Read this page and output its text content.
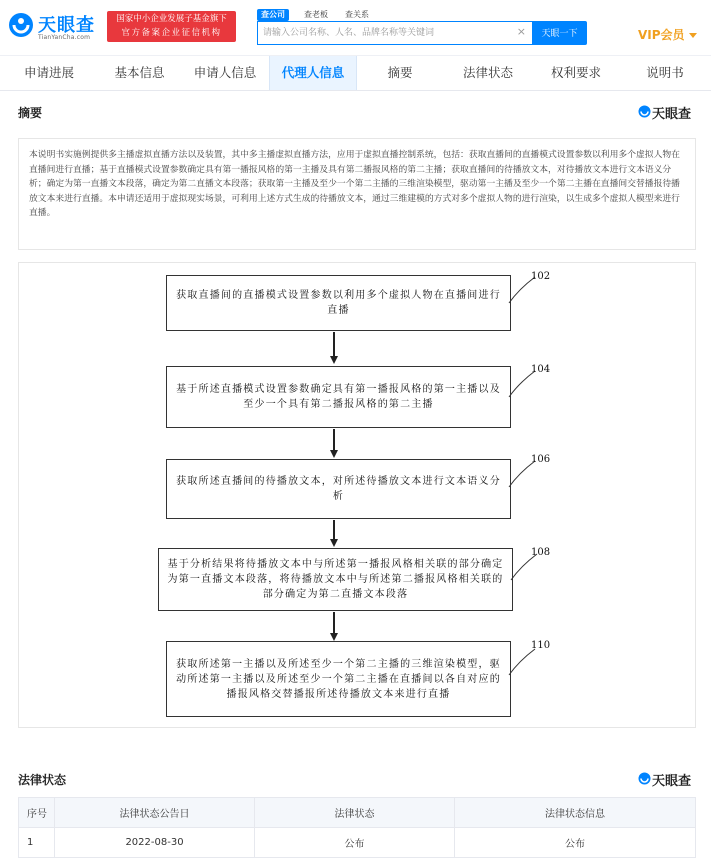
天眼查
TianYanCha.com
国家中小企业发展子基金旗下
官方备案企业征信机构
查公司	查老板 查关系
请输入公司名称、人名、品牌名称等关键词
×	天眼一下	VIP会员
申请进展	基本信息	申请人信息	代理人信息	摘要	法律状态	权利要求	说明书
摘要	天眼查
本说明书实施例提供多主播虚拟直播方法以及装置，其中多主播虚拟直播方法，应用于虚拟直播控制系统，包括：获取直播间的直播模式设置参数以利用多个虚拟人物在直播间进行直播；基于直播模式设置参数确定具有第一播报风格的第一主播及具有第二播报风格的第二主播；获取直播间的待播放文本，对待播放文本进行文本语义分析；确定为第一直播文本段落，确定为第二直播文本段落；获取第一主播及至少一个第二主播的三维渲染模型，驱动第一主播及至少一个第二主播在直播间交替播报待播放文本来进行直播。本申请还适用于虚拟现实场景，可利用上述方式生成的待播放文本，通过三维建模的方式对多个虚拟人物的进行渲染，以生成多个虚拟人模型来进行直播。
获取直播间的直播模式设置参数以利用多个虚拟人物在直播间进行直播
102
基于所述直播模式设置参数确定具有第一播报风格的第一主播以及至少一个具有第二播报风格的第二主播
104
获取所述直播间的待播放文本，对所述待播放文本进行文本语义分析
106
基于分析结果将待播放文本中与所述第一播报风格相关联的部分确定为第一直播文本段落，将待播放文本中与所述第二播报风格相关联的部分确定为第二直播文本段落
108
获取所述第一主播以及所述至少一个第二主播的三维渲染模型，驱动所述第一主播以及所述至少一个第二主播在直播间以各自对应的播报风格交替播报所述待播放文本来进行直播
110
法律状态	天眼查
序号	法律状态公告日	法律状态	法律状态信息
1	2022-08-30	公布	公布
